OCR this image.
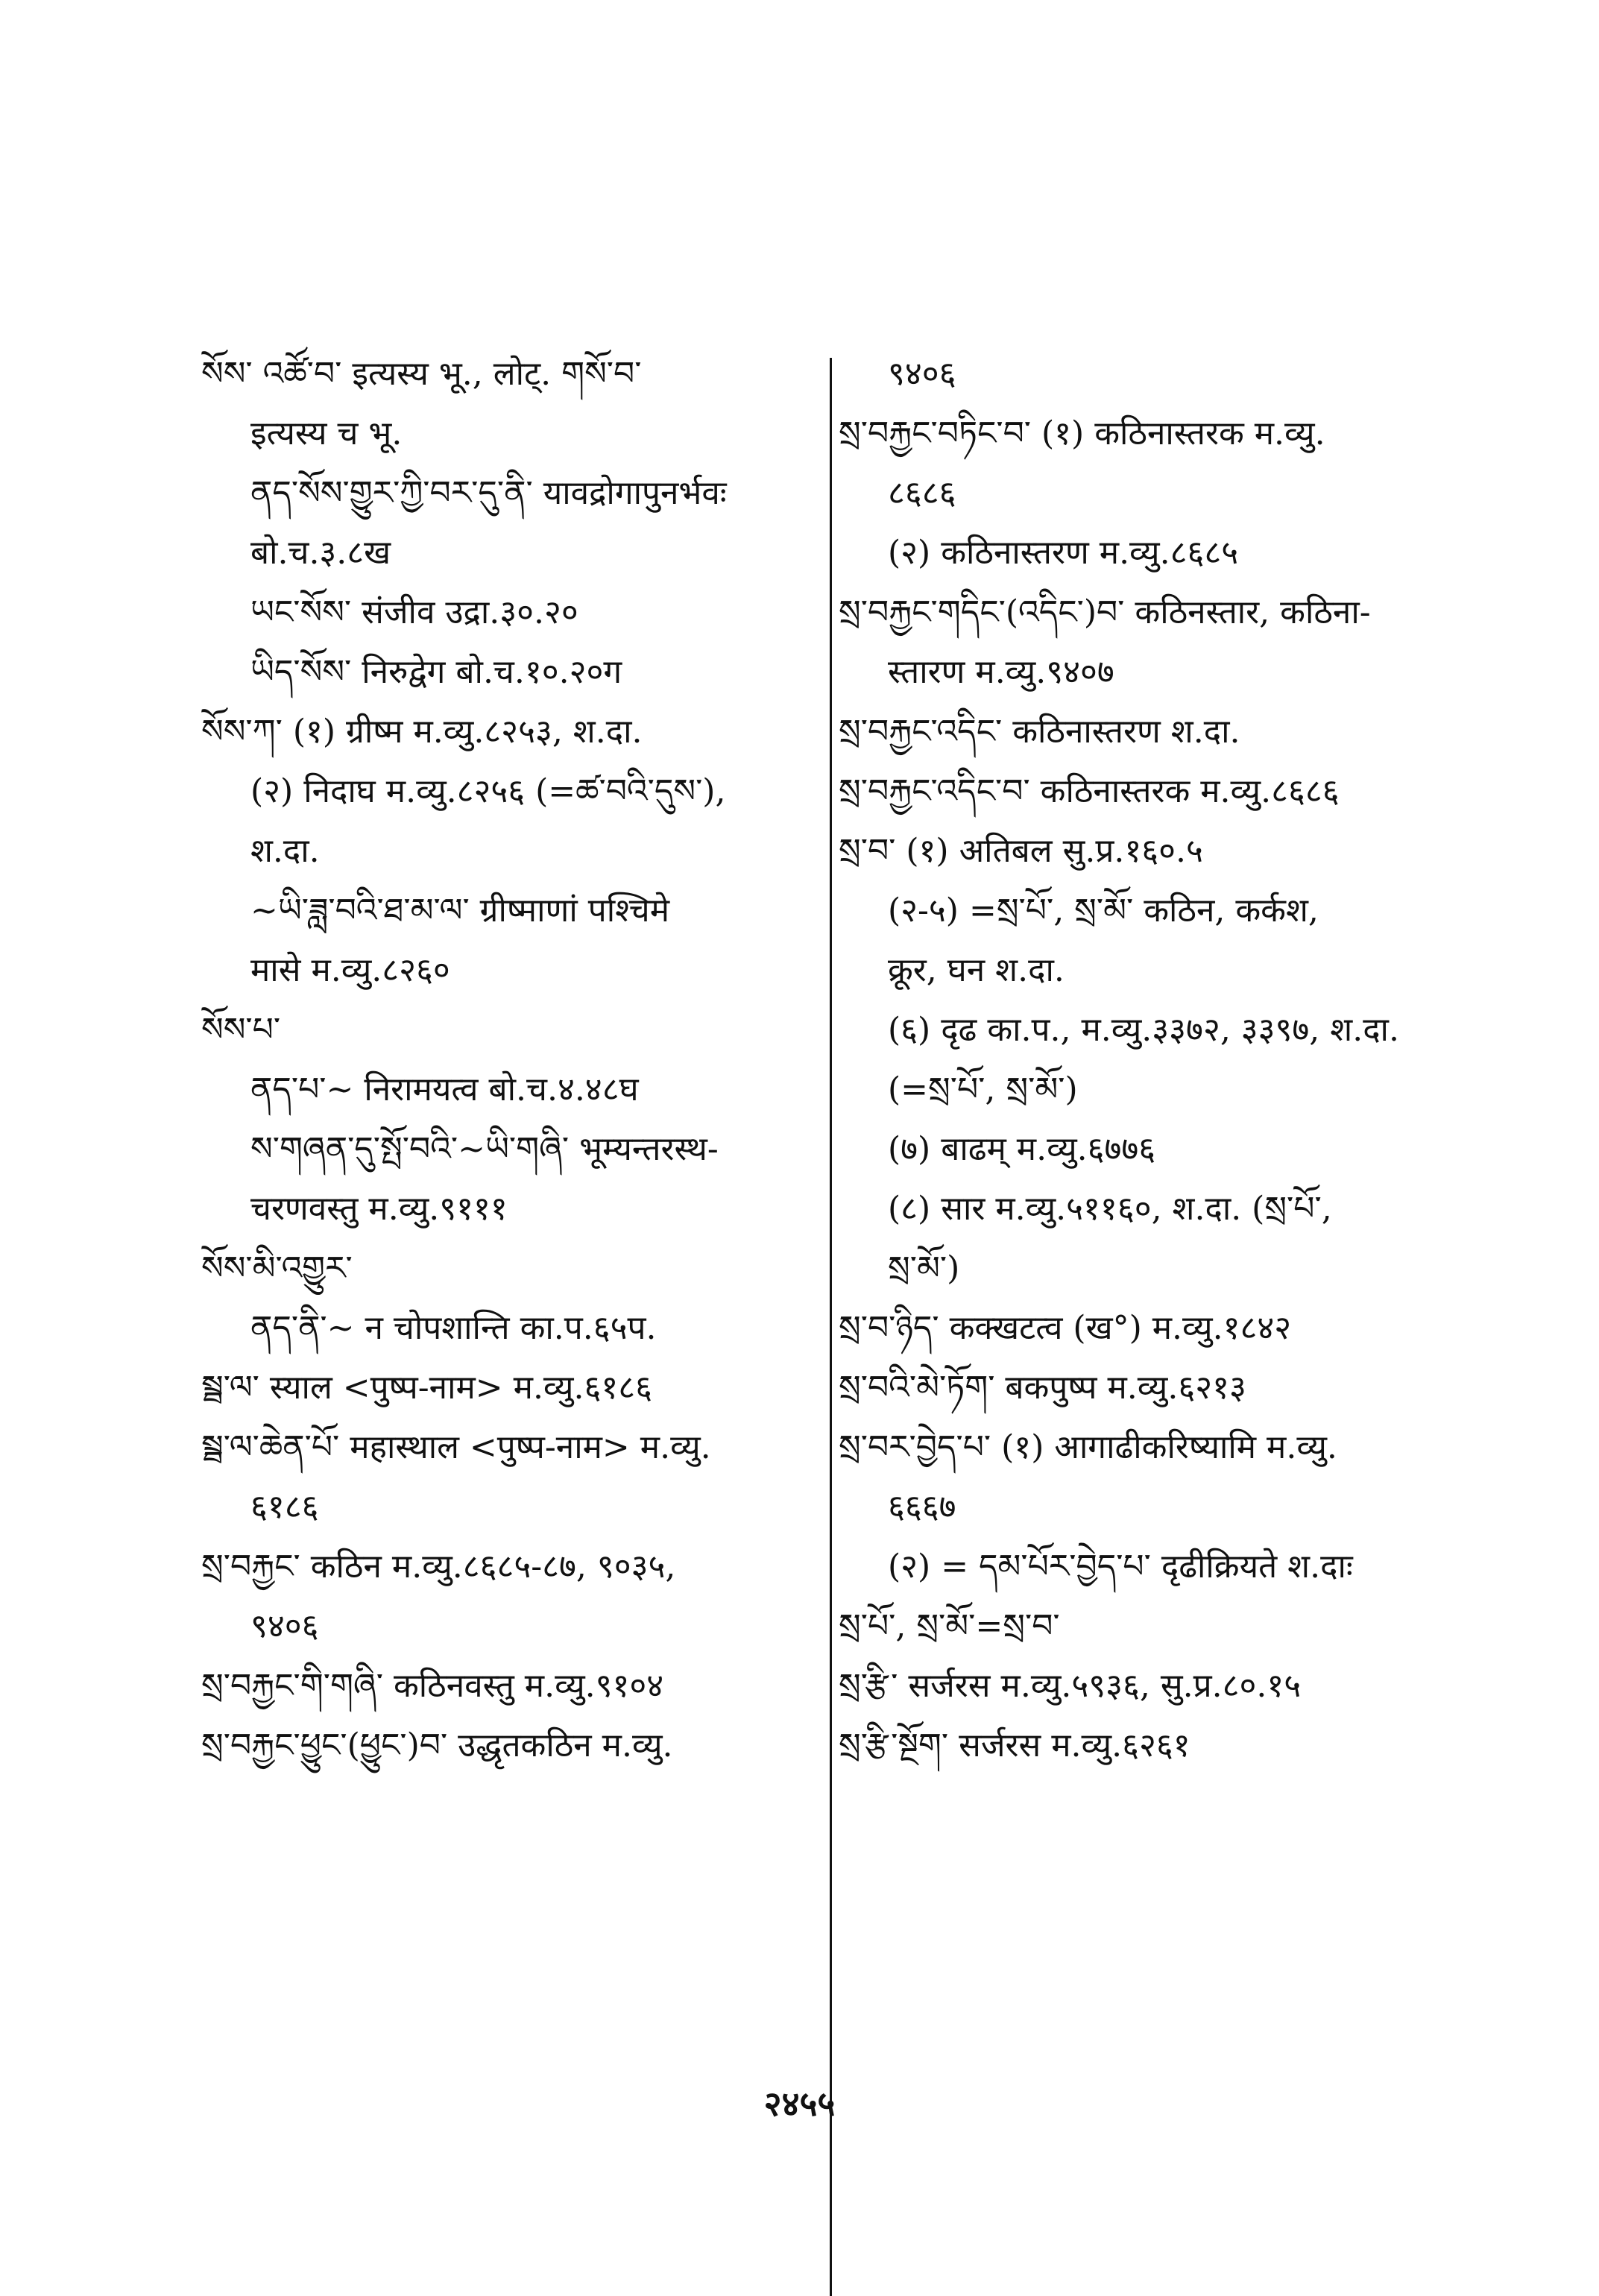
སོས་ འཚོ་བ་ इत्यस्य भू., लोट्. གསོ་བ་
इत्यस्य च भू.
ནད་སོས་གྱུར་ཀྱི་བར་དུ་ནི་ यावद्रोगापुनर्भवः
बो.च.३.८ख
ཡང་སོས་ संजीव उद्रा.३०.२०
ཡིད་སོས་ निरुद्वेग बो.च.१०.२०ग
སོས་ཀ་ (१) ग्रीष्म म.व्यु.८२५३, श.दा.
(२) निदाघ म.व्यु.८२५६ (=ཚ་བའི་དུས་),
श.दा.
~ཡི་ཟླ་བའི་ཐ་མ་ལ་ ग्रीष्माणां पश्चिमे
मासे म.व्यु.८२६०
སོས་པ་
ནད་པ་~ निरामयत्व बो.च.४.४८घ
ས་གཞན་དུ་སྤོ་བའི་~ཡི་གཞི་ भूम्यन्तरस्थ-
चरणवस्तु म.व्यु.९१११
སོས་མི་འགྱུར་
ནད་ནི་~ न चोपशान्ति का.प.६५प.
སྲྦ་ལ་ स्याल <पुष्प-नाम> म.व्यु.६१८६
སྲྦ་ལ་ཆེན་པོ་ महास्थाल <पुष्प-नाम> म.व्यु.
६१८६
སྲ་བརྐྱང་ कठिन म.व्यु.८६८५-८७, ९०३५,
९४०६
སྲ་བརྐྱང་གི་གཞི་ कठिनवस्तु म.व्यु.९१०४
སྲ་བརྐྱང་ཕྱུང་(ཕྱུང་)བ་ उद्धृतकठिन म.व्यु.
९४०६
སྲ་བརྐྱང་བཏིང་བ་ (१) कठिनास्तरक म.व्यु.
८६८६
(२) कठिनास्तरण म.व्यु.८६८५
སྲ་བརྐྱང་གདིང་(འདིང་)བ་ कठिनस्तार, कठिना-
स्तारण म.व्यु.९४०७
སྲ་བརྐྱང་འདིང་ कठिनास्तरण श.दा.
སྲ་བརྐྱང་འདིང་བ་ कठिनास्तरक म.व्यु.८६८६
སྲ་བ་ (१) अतिबल सु.प्र.१६०.५
(२-५) =སྲ་པོ་, སྲ་མོ་ कठिन, कर्कश,
क्रूर, घन श.दा.
(६) दृढ का.प., म.व्यु.३३७२, ३३९७, श.दा.
(=སྲ་པོ་, སྲ་མོ་)
(७) बाढम् म.व्यु.६७७६
(८) सार म.व्यु.५११६०, श.दा. (སྲ་པོ་,
སྲ་མོ་)
སྲ་བ་ཉིད་ कक्खटत्व (ख°) म.व्यु.१८४२
སྲ་བའི་མེ་ཏོག་ बकपुष्प म.व्यु.६२१३
སྲ་བར་བྱེད་པ་ (१) आगाढीकरिष्यामि म.व्यु.
६६६७
(२) = དམ་པོར་བྱེད་པ་ दृढीक्रियते श.दाः
སྲ་པོ་, སྲ་མོ་=སྲ་བ་
སྲ་རྩི་ सर्जरस म.व्यु.५९३६, सु.प्र.८०.१५
སྲ་རྩི་སྔོག་ सर्जरस म.व्यु.६२६१
२४५५
